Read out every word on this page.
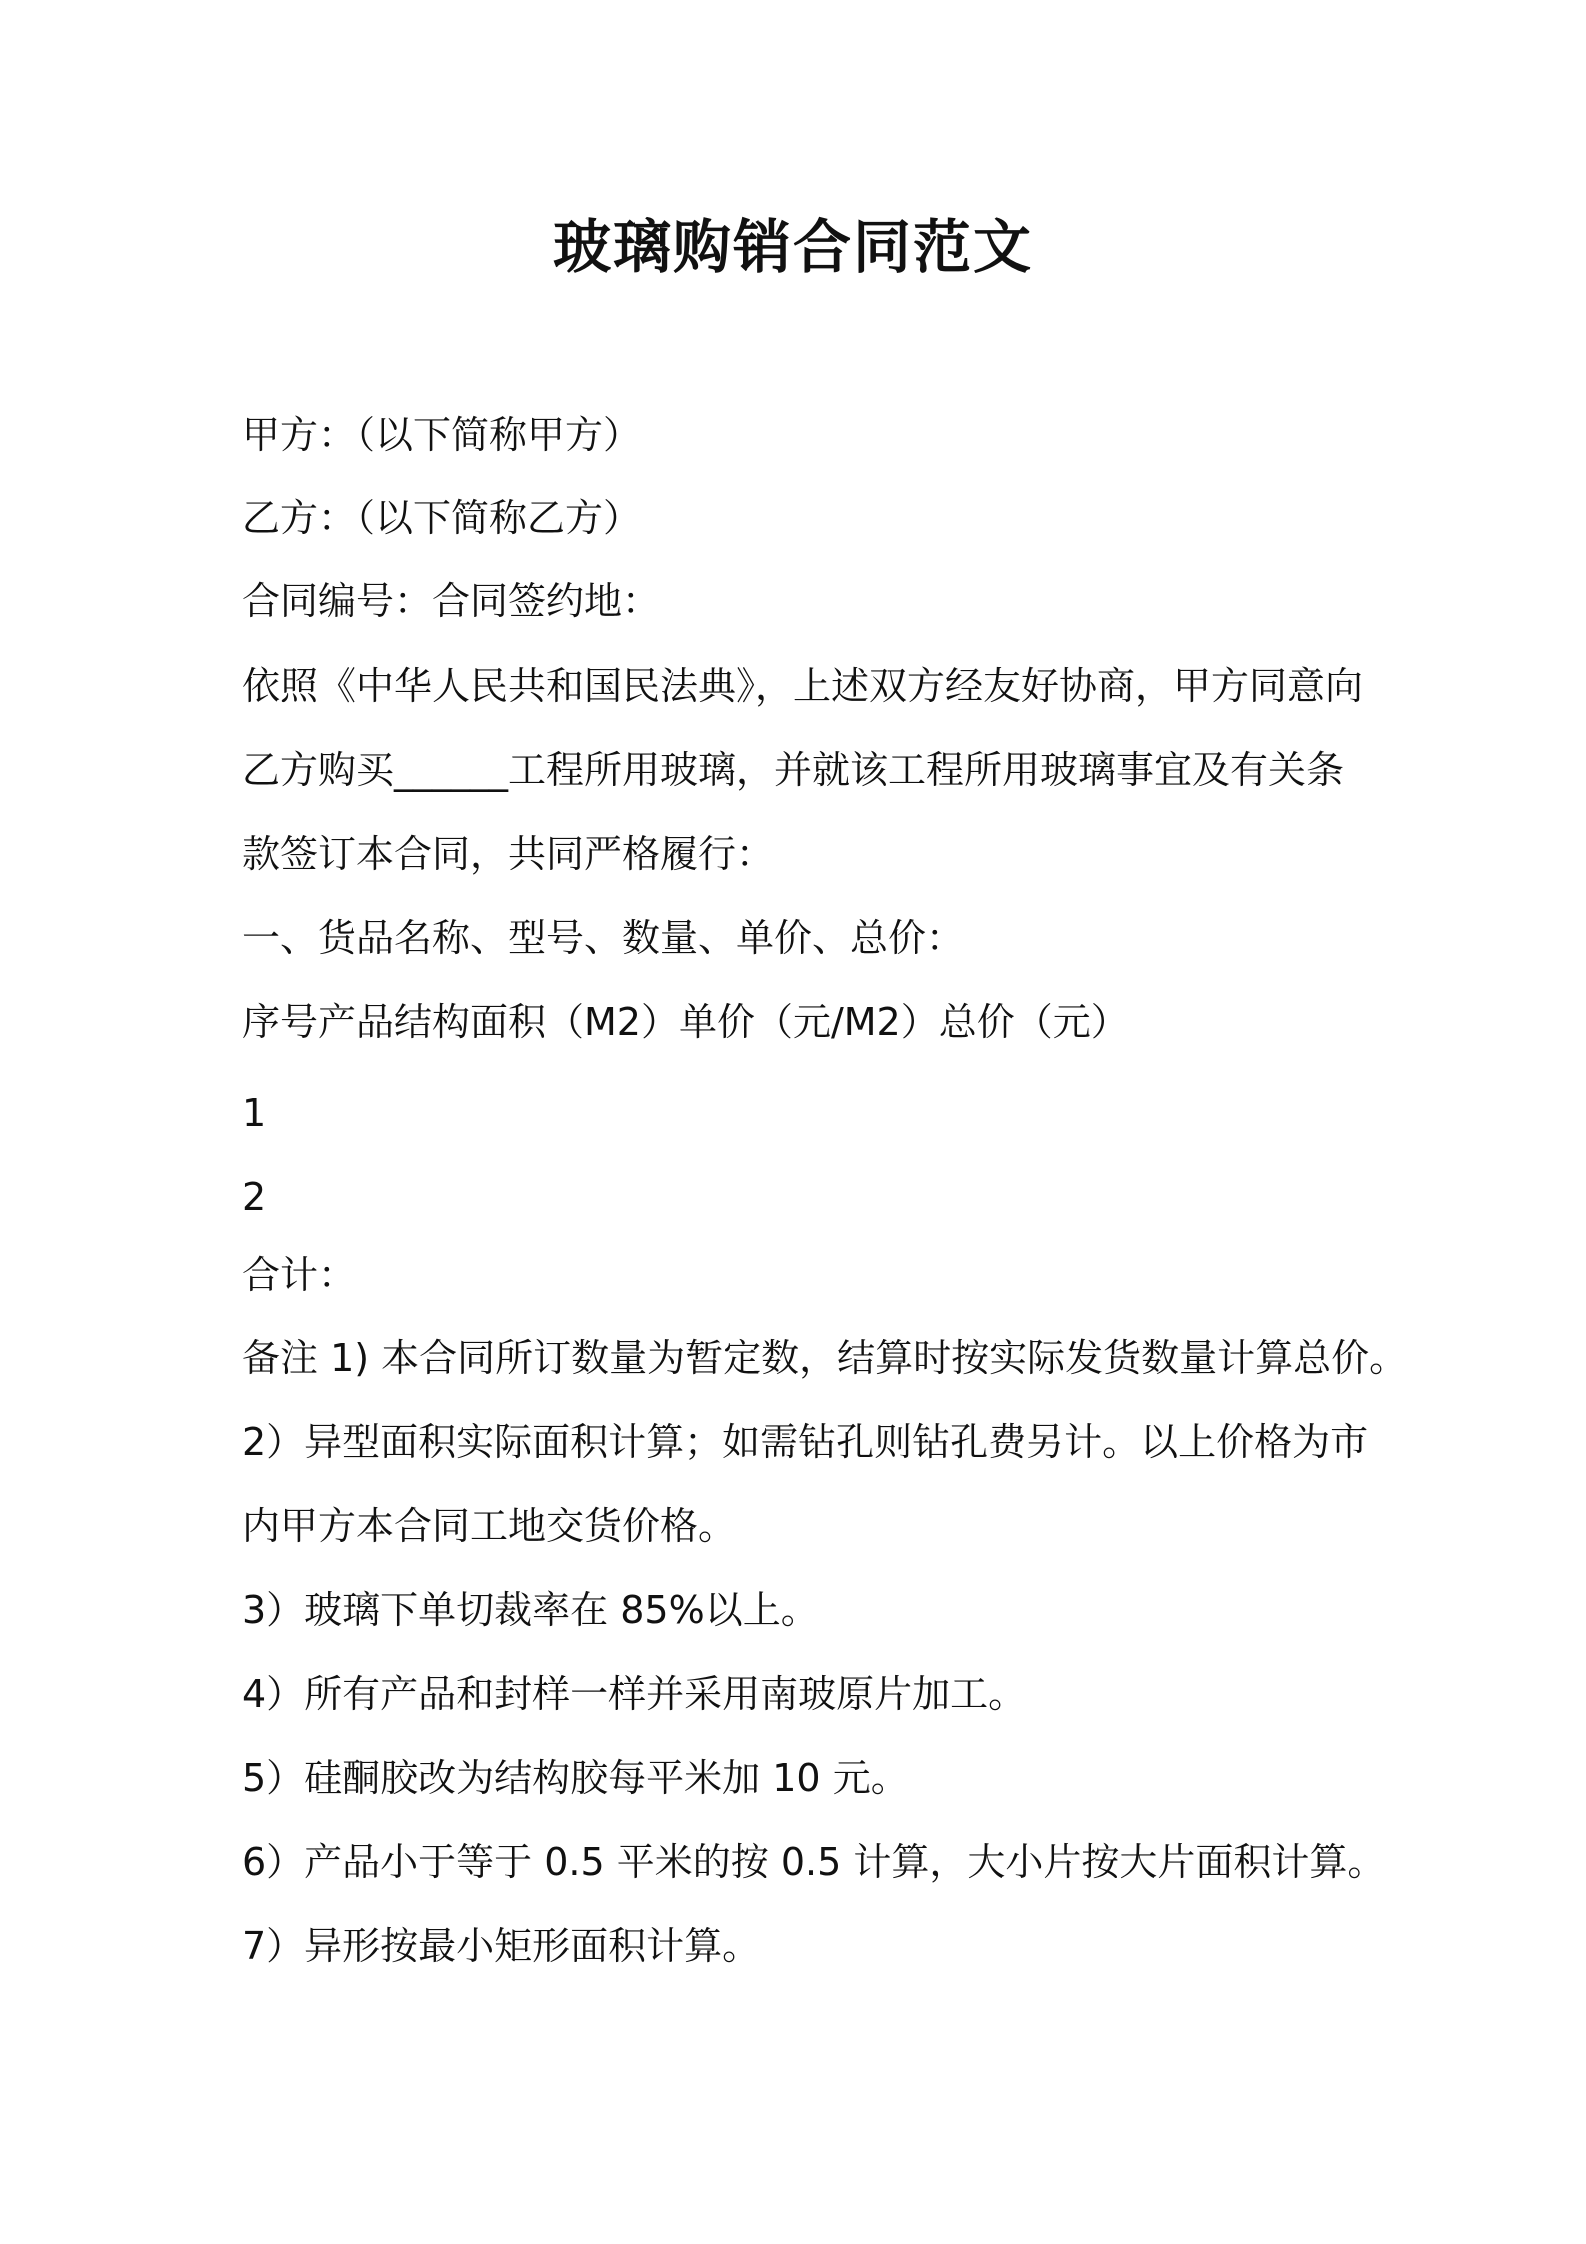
玻璃购销合同范文
甲方：（以下简称甲方）
乙方：（以下简称乙方）
合同编号：合同签约地：
依照《中华人民共和国民法典》，上述双方经友好协商，甲方同意向
乙方购买______工程所用玻璃，并就该工程所用玻璃事宜及有关条
款签订本合同，共同严格履行：
一、货品名称、型号、数量、单价、总价：
序号产品结构面积（M2）单价（元/M2）总价（元）
1
2
合计：
备注 1) 本合同所订数量为暂定数，结算时按实际发货数量计算总价。
2）异型面积实际面积计算；如需钻孔则钻孔费另计。以上价格为市
内甲方本合同工地交货价格。
3）玻璃下单切裁率在 85%以上。
4）所有产品和封样一样并采用南玻原片加工。
5）硅酮胶改为结构胶每平米加 10 元。
6）产品小于等于 0.5 平米的按 0.5 计算，大小片按大片面积计算。
7）异形按最小矩形面积计算。
